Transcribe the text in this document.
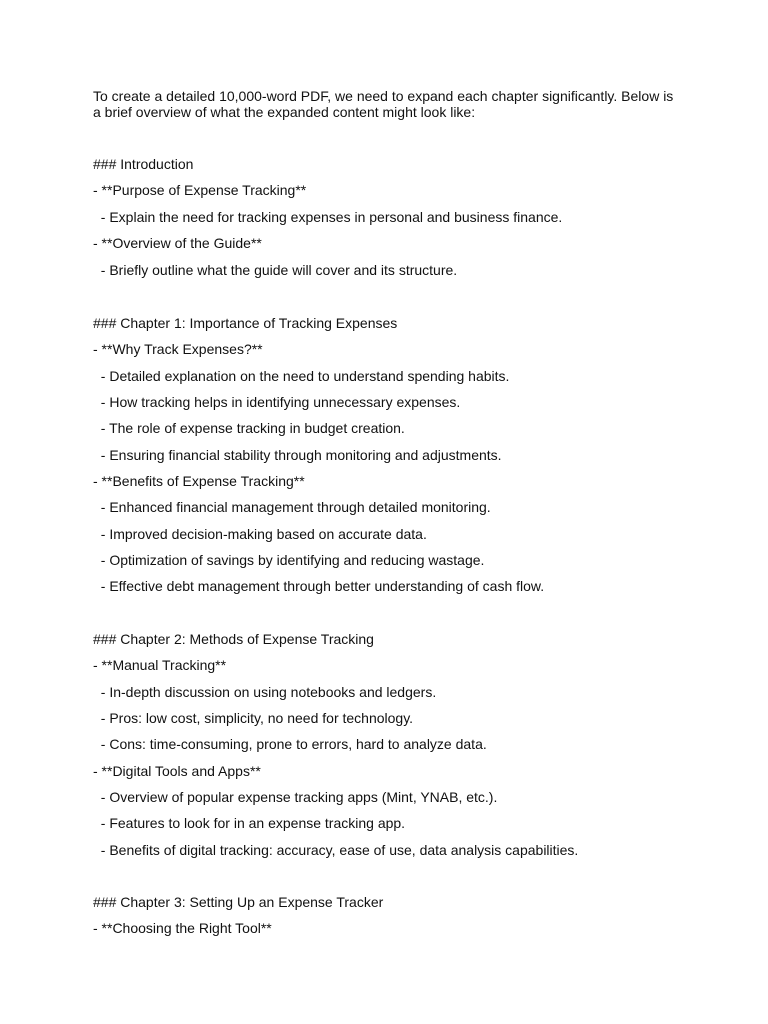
To create a detailed 10,000-word PDF, we need to expand each chapter significantly. Below is a brief overview of what the expanded content might look like:

### Introduction

- **Purpose of Expense Tracking**

- Explain the need for tracking expenses in personal and business finance.

- **Overview of the Guide**

- Briefly outline what the guide will cover and its structure.

### Chapter 1: Importance of Tracking Expenses

- **Why Track Expenses?**

- Detailed explanation on the need to understand spending habits.

- How tracking helps in identifying unnecessary expenses.

- The role of expense tracking in budget creation.

- Ensuring financial stability through monitoring and adjustments.

- **Benefits of Expense Tracking**

- Enhanced financial management through detailed monitoring.

- Improved decision-making based on accurate data.

- Optimization of savings by identifying and reducing wastage.

- Effective debt management through better understanding of cash flow.

### Chapter 2: Methods of Expense Tracking

- **Manual Tracking**

- In-depth discussion on using notebooks and ledgers.

- Pros: low cost, simplicity, no need for technology.

- Cons: time-consuming, prone to errors, hard to analyze data.

- **Digital Tools and Apps**

- Overview of popular expense tracking apps (Mint, YNAB, etc.).

- Features to look for in an expense tracking app.

- Benefits of digital tracking: accuracy, ease of use, data analysis capabilities.

### Chapter 3: Setting Up an Expense Tracker

- **Choosing the Right Tool**
